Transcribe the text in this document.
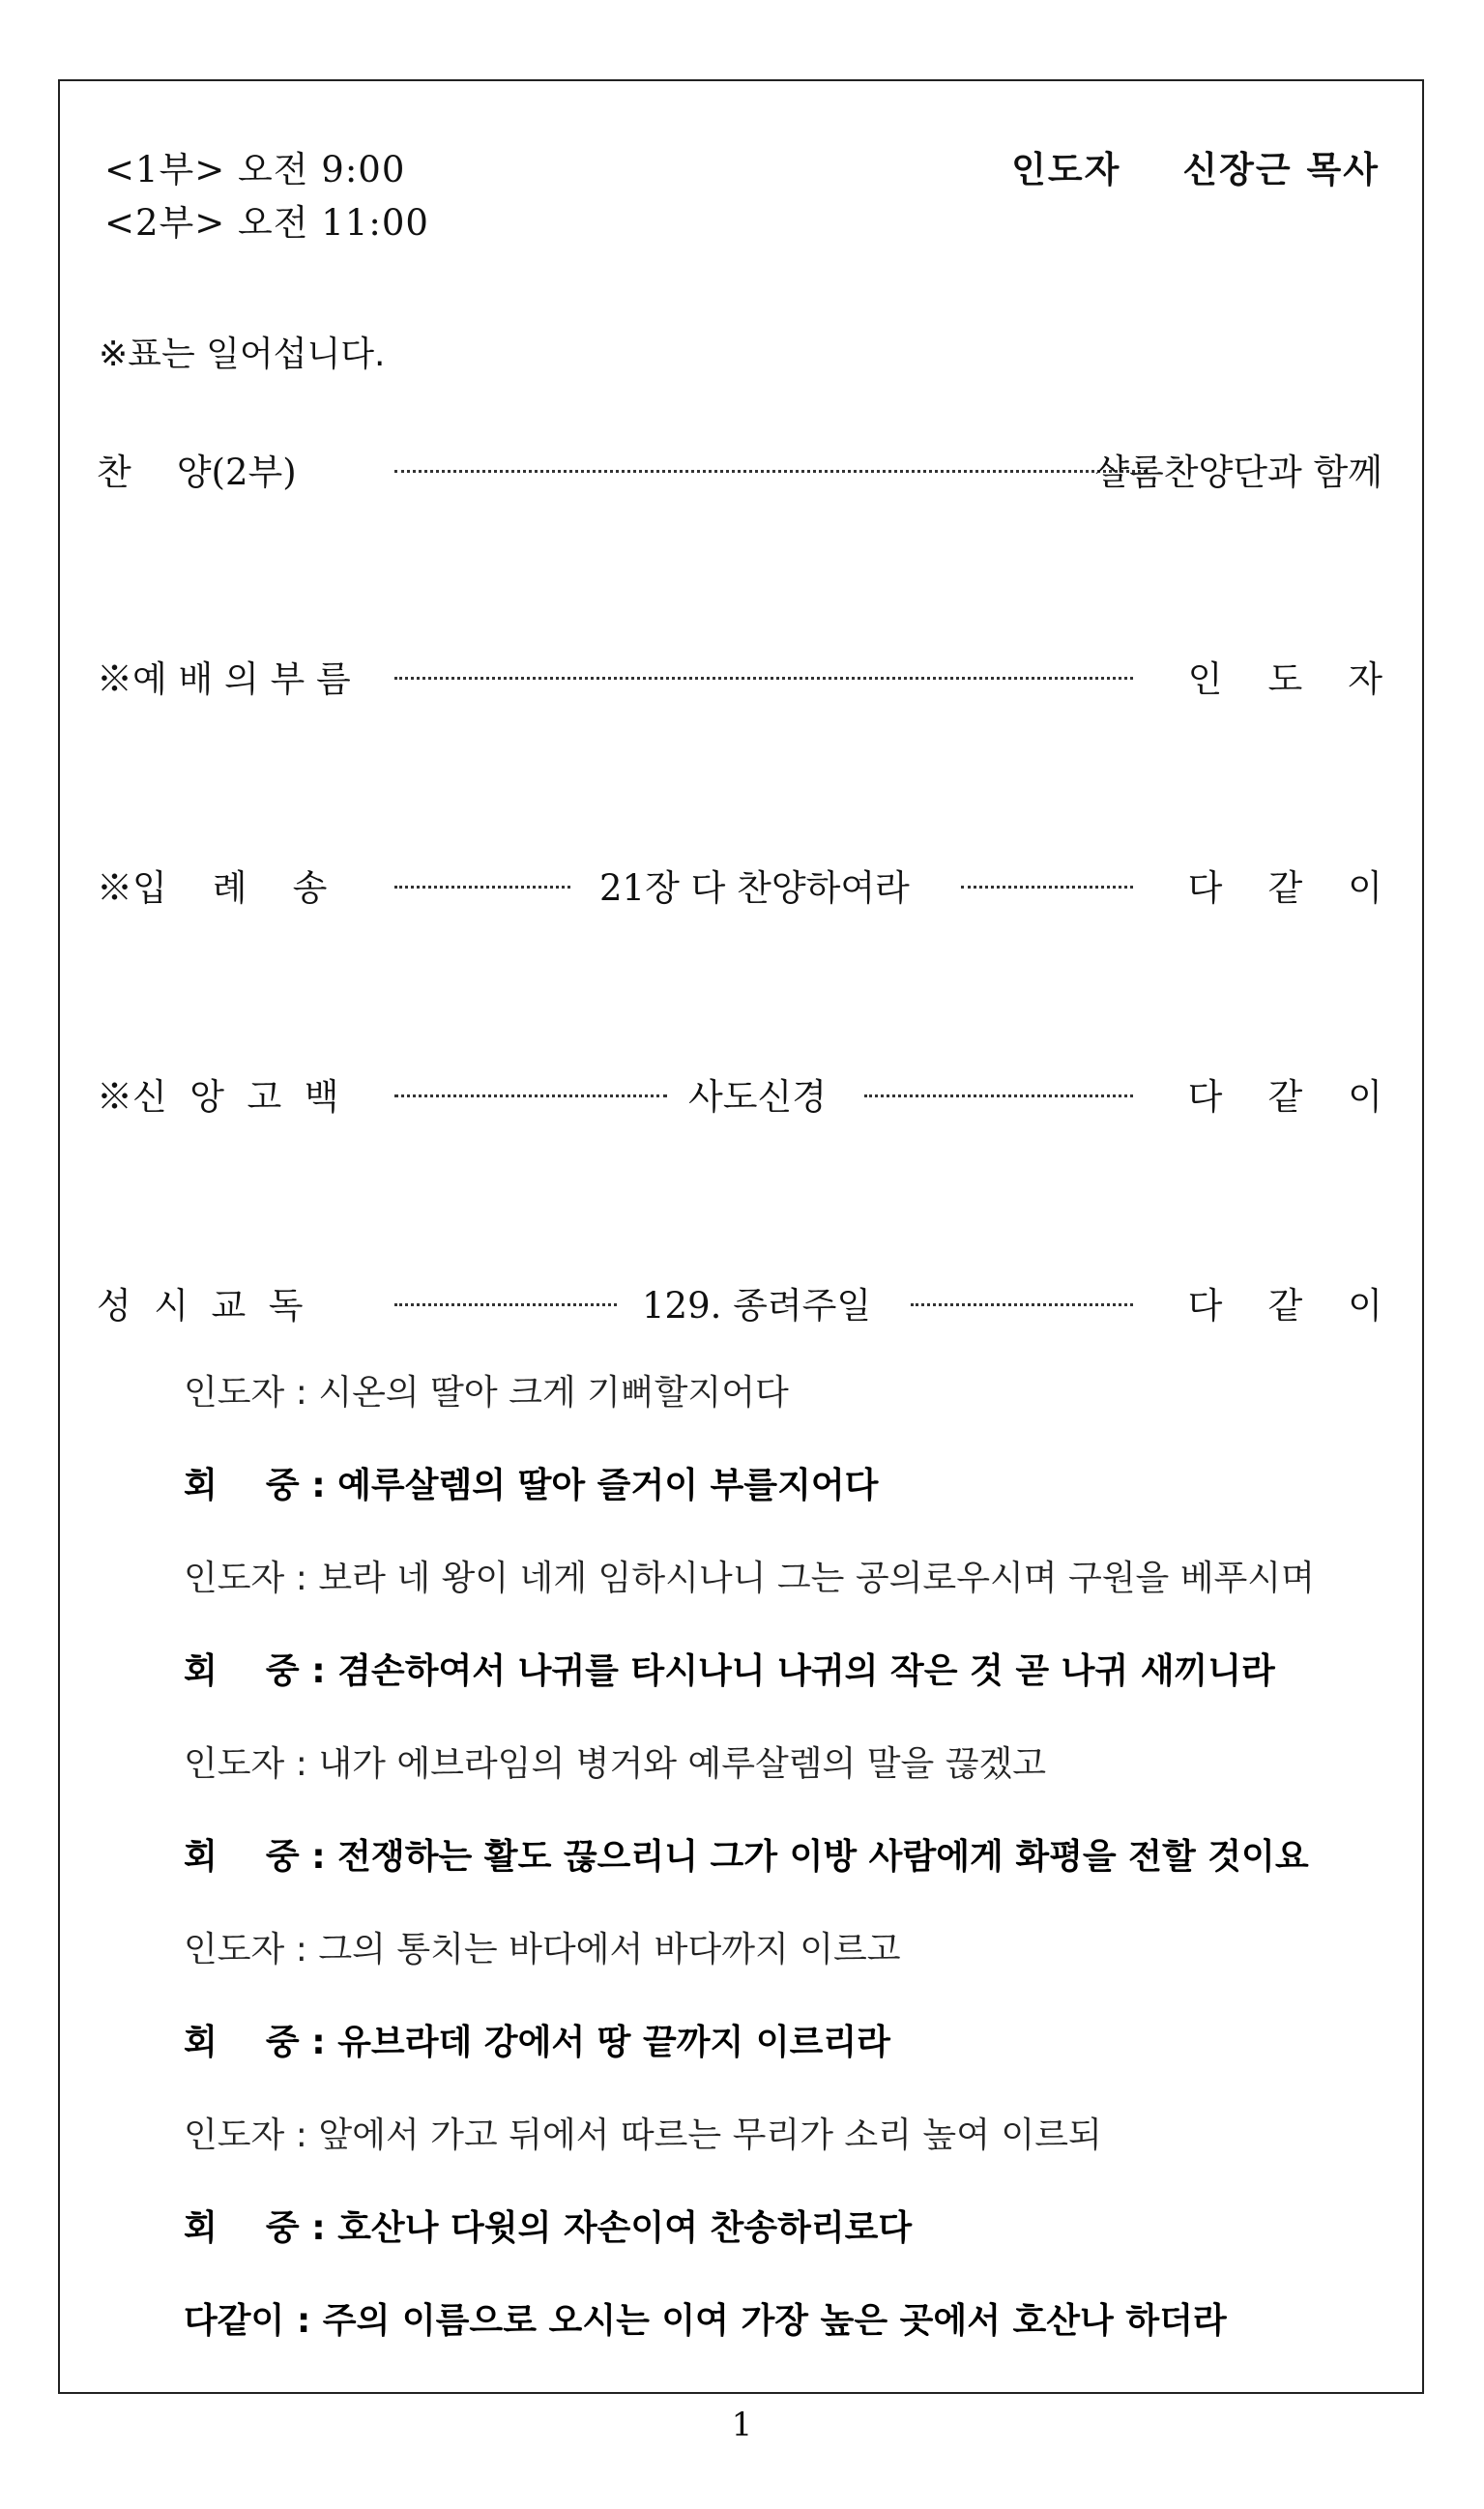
<1부> 오전 9:00
<2부> 오전 11:00
인도자 신장근 목사
※표는 일어섭니다.
찬    양(2부)	샬롬찬양단과 함께
※예 배 의 부 름	인    도    자
※입    례    송	21장 다 찬양하여라	다    같    이
※신  앙  고  백	사도신경	다    같    이
성  시  교  독	129. 종려주일	다    같    이
인도자 : 시온의 딸아 크게 기뻐할지어다
회    중 : 예루살렘의 딸아 즐거이 부를지어다
인도자 : 보라 네 왕이 네게 임하시나니 그는 공의로우시며 구원을 베푸시며
회    중 : 겸손하여서 나귀를 타시나니 나귀의 작은 것 곧 나귀 새끼니라
인도자 : 내가 에브라임의 병거와 예루살렘의 말을 끊겠고
회    중 : 전쟁하는 활도 끊으리니 그가 이방 사람에게 화평을 전할 것이요
인도자 : 그의 통치는 바다에서 바다까지 이르고
회    중 : 유브라데 강에서 땅 끝까지 이르리라
인도자 : 앞에서 가고 뒤에서 따르는 무리가 소리 높여 이르되
회    중 : 호산나 다윗의 자손이여 찬송하리로다
다같이 : 주의 이름으로 오시는 이여 가장 높은 곳에서 호산나 하더라
1
